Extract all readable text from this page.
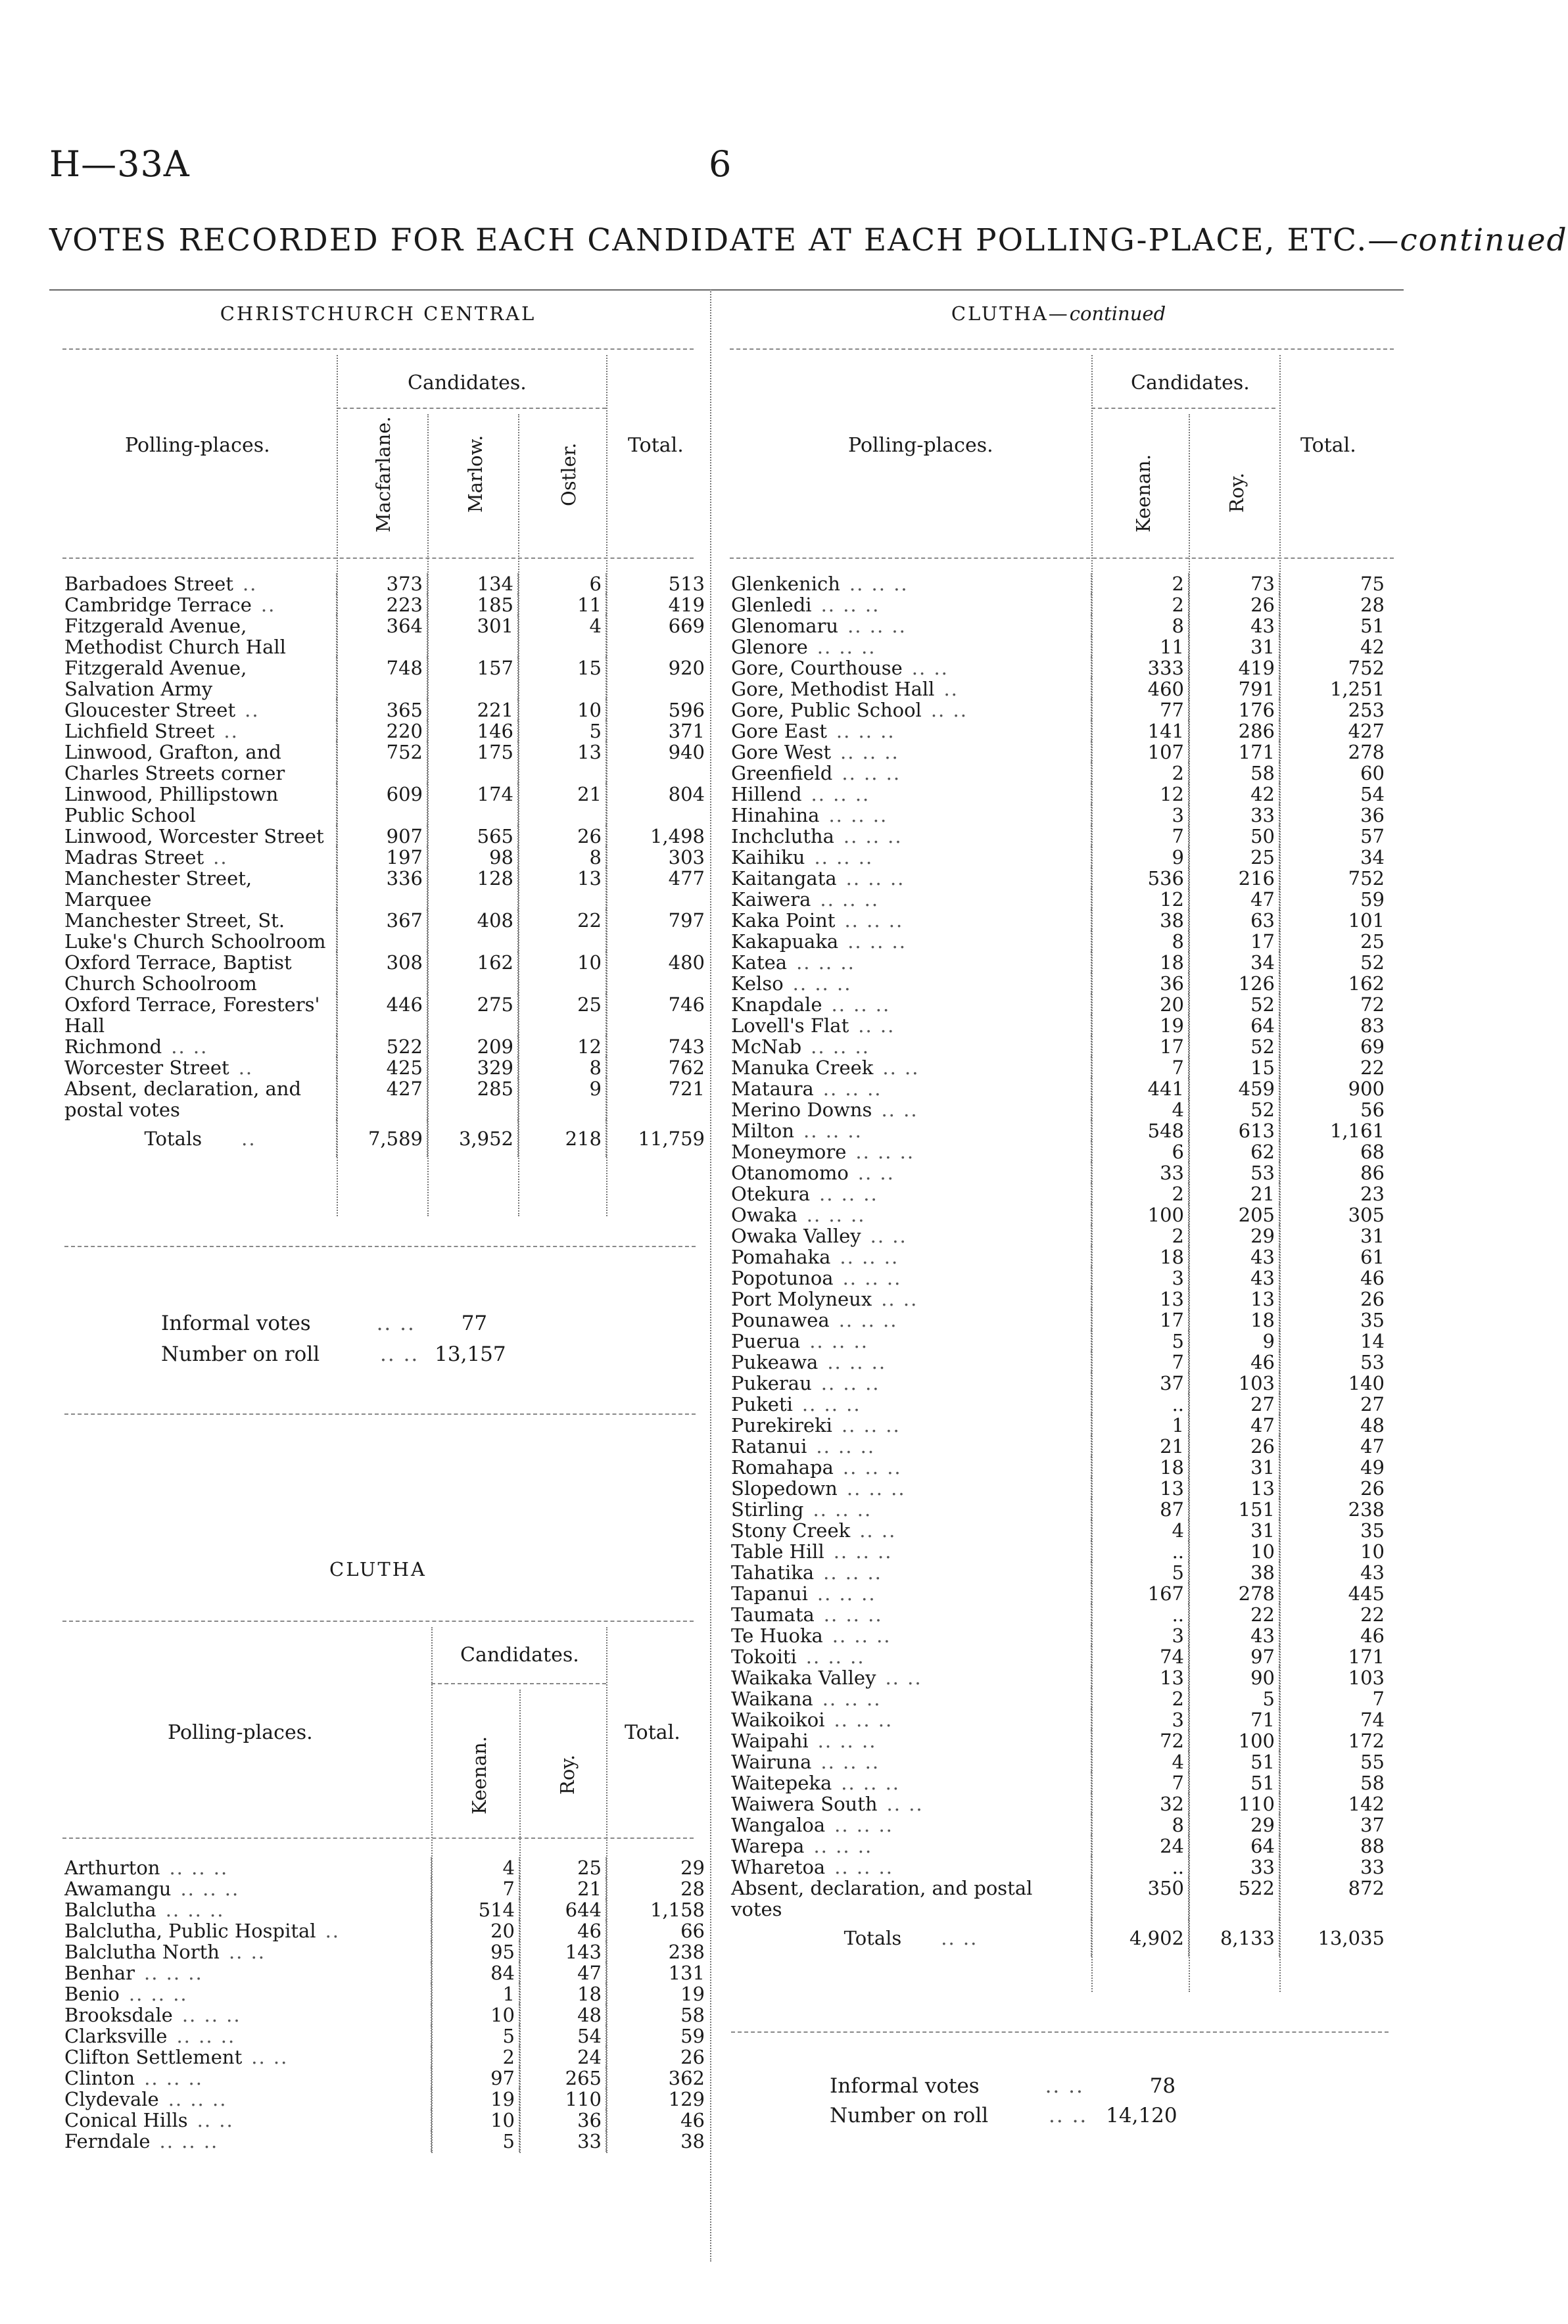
H—33A	6
VOTES RECORDED FOR EACH CANDIDATE AT EACH POLLING-PLACE, ETC.—continued
CHRISTCHURCH CENTRAL
Polling-places.
Candidates.
Total.
Macfarlane.	Marlow.	Ostler.
Barbadoes Street ..	373	134	6	513
Cambridge Terrace ..	223	185	11	419
Fitzgerald Avenue, Methodist Church Hall	364	301	4	669
Fitzgerald Avenue, Salvation Army	748	157	15	920
Gloucester Street ..	365	221	10	596
Lichfield Street ..	220	146	5	371
Linwood, Grafton, and Charles Streets corner	752	175	13	940
Linwood, Phillipstown Public School	609	174	21	804
Linwood, Worcester Street	907	565	26	1,498
Madras Street ..	197	98	8	303
Manchester Street, Marquee	336	128	13	477
Manchester Street, St. Luke's Church Schoolroom	367	408	22	797
Oxford Terrace, Baptist Church Schoolroom	308	162	10	480
Oxford Terrace, Foresters' Hall	446	275	25	746
Richmond .. ..	522	209	12	743
Worcester Street ..	425	329	8	762
Absent, declaration, and postal votes	427	285	9	721
Totals ..	7,589	3,952	218	11,759
Informal votes	.. .. 77
Number on roll	.. .. 13,157
CLUTHA
Polling-places.
Candidates.
Total.
Keenan.	Roy.
Arthurton .. .. ..	4	25	29
Awamangu .. .. ..	7	21	28
Balclutha .. .. ..	514	644	1,158
Balclutha, Public Hospital ..	20	46	66
Balclutha North .. ..	95	143	238
Benhar .. .. ..	84	47	131
Benio .. .. ..	1	18	19
Brooksdale .. .. ..	10	48	58
Clarksville .. .. ..	5	54	59
Clifton Settlement .. ..	2	24	26
Clinton .. .. ..	97	265	362
Clydevale .. .. ..	19	110	129
Conical Hills .. ..	10	36	46
Ferndale .. .. ..	5	33	38
CLUTHA—continued
Polling-places.
Candidates.
Total.
Keenan.	Roy.
Glenkenich .. .. ..	2	73	75
Glenledi .. .. ..	2	26	28
Glenomaru .. .. ..	8	43	51
Glenore .. .. ..	11	31	42
Gore, Courthouse .. ..	333	419	752
Gore, Methodist Hall ..	460	791	1,251
Gore, Public School .. ..	77	176	253
Gore East .. .. ..	141	286	427
Gore West .. .. ..	107	171	278
Greenfield .. .. ..	2	58	60
Hillend .. .. ..	12	42	54
Hinahina .. .. ..	3	33	36
Inchclutha .. .. ..	7	50	57
Kaihiku .. .. ..	9	25	34
Kaitangata .. .. ..	536	216	752
Kaiwera .. .. ..	12	47	59
Kaka Point .. .. ..	38	63	101
Kakapuaka .. .. ..	8	17	25
Katea .. .. ..	18	34	52
Kelso .. .. ..	36	126	162
Knapdale .. .. ..	20	52	72
Lovell's Flat .. ..	19	64	83
McNab .. .. ..	17	52	69
Manuka Creek .. ..	7	15	22
Mataura .. .. ..	441	459	900
Merino Downs .. ..	4	52	56
Milton .. .. ..	548	613	1,161
Moneymore .. .. ..	6	62	68
Otanomomo .. ..	33	53	86
Otekura .. .. ..	2	21	23
Owaka .. .. ..	100	205	305
Owaka Valley .. ..	2	29	31
Pomahaka .. .. ..	18	43	61
Popotunoa .. .. ..	3	43	46
Port Molyneux .. ..	13	13	26
Pounawea .. .. ..	17	18	35
Puerua .. .. ..	5	9	14
Pukeawa .. .. ..	7	46	53
Pukerau .. .. ..	37	103	140
Puketi .. .. ..	..	27	27
Purekireki .. .. ..	1	47	48
Ratanui .. .. ..	21	26	47
Romahapa .. .. ..	18	31	49
Slopedown .. .. ..	13	13	26
Stirling .. .. ..	87	151	238
Stony Creek .. ..	4	31	35
Table Hill .. .. ..	..	10	10
Tahatika .. .. ..	5	38	43
Tapanui .. .. ..	167	278	445
Taumata .. .. ..	..	22	22
Te Huoka .. .. ..	3	43	46
Tokoiti .. .. ..	74	97	171
Waikaka Valley .. ..	13	90	103
Waikana .. .. ..	2	5	7
Waikoikoi .. .. ..	3	71	74
Waipahi .. .. ..	72	100	172
Wairuna .. .. ..	4	51	55
Waitepeka .. .. ..	7	51	58
Waiwera South .. ..	32	110	142
Wangaloa .. .. ..	8	29	37
Warepa .. .. ..	24	64	88
Wharetoa .. .. ..	..	33	33
Absent, declaration, and postal votes	350	522	872
Totals .. ..	4,902	8,133	13,035
Informal votes	.. ..	78
Number on roll	.. .. 14,120
